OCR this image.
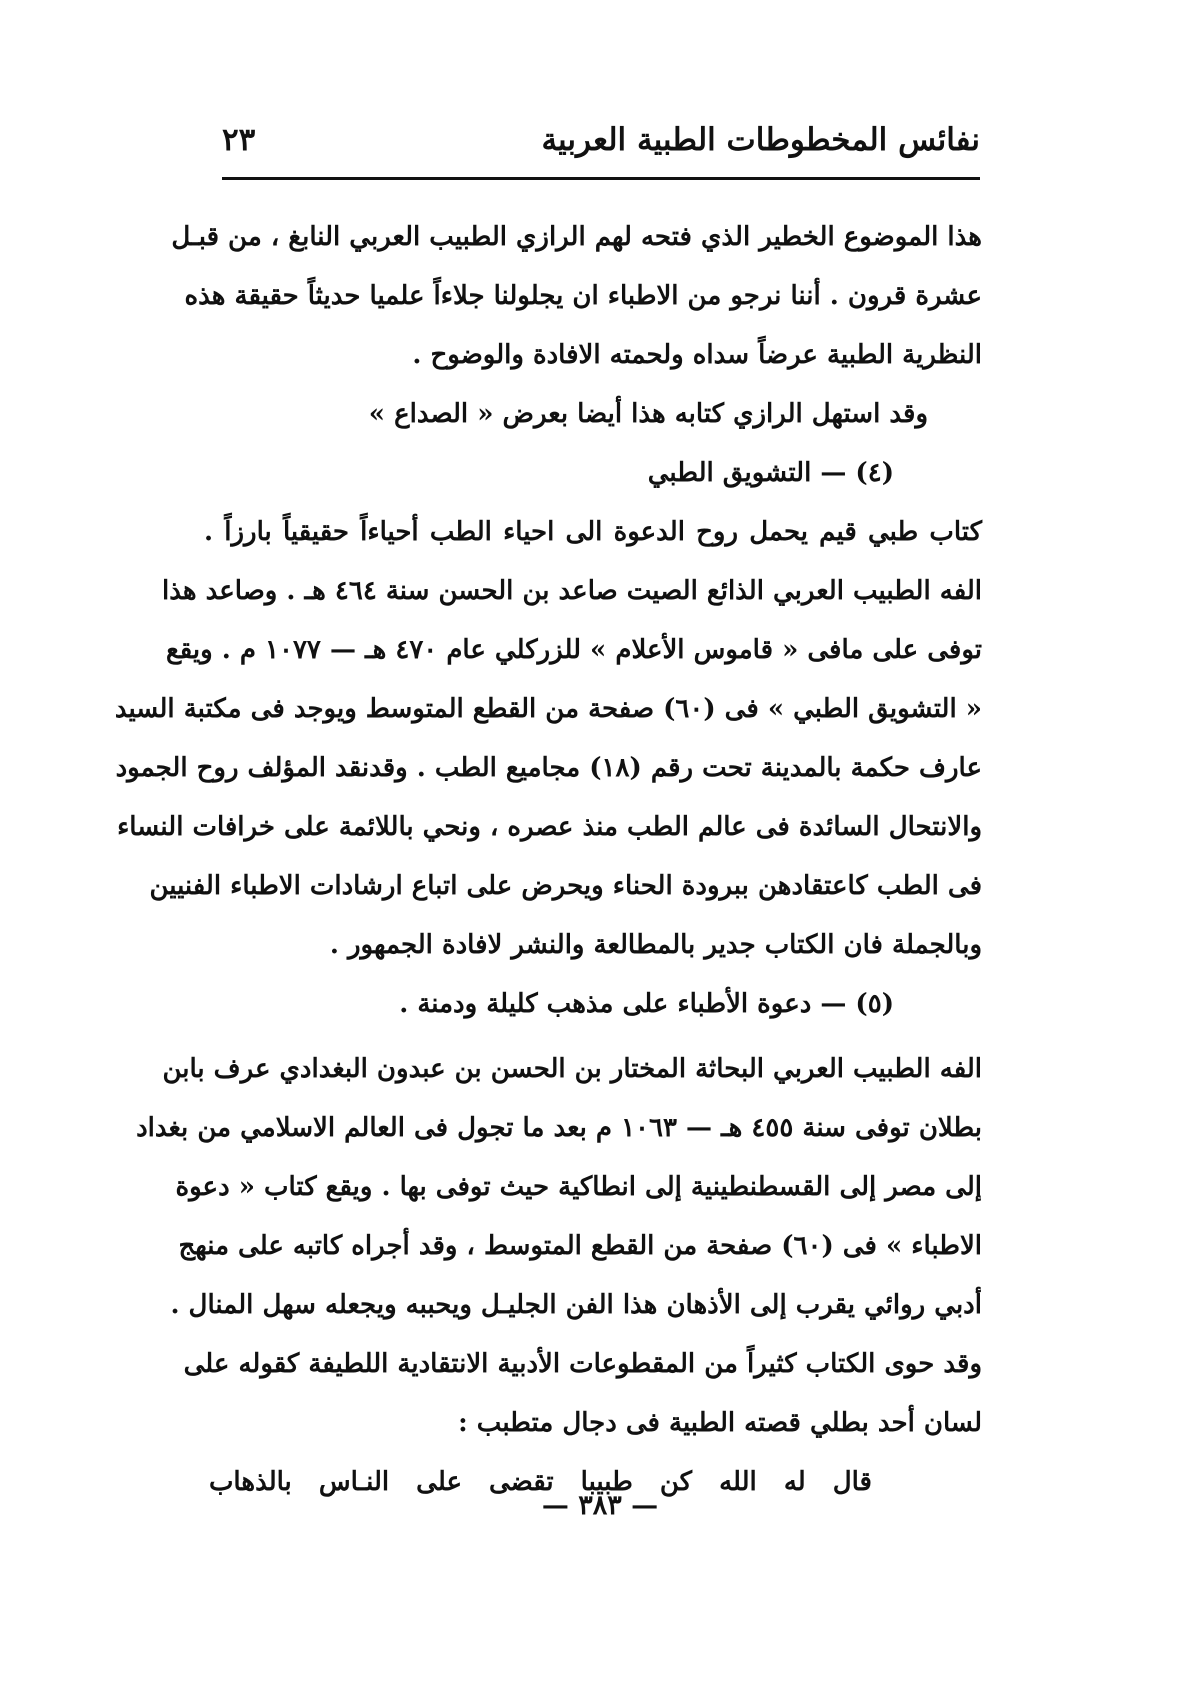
نفائس المخطوطات الطبية العربية
٢٣
هذا الموضوع الخطير الذي فتحه لهم الرازي الطبيب العربي النابغ ، من قبـل
عشرة قرون . أننا نرجو من الاطباء ان يجلولنا جلاءاً علميا حديثاً حقيقة هذه
النظرية الطبية عرضاً سداه ولحمته الافادة والوضوح .
وقد استهل الرازي كتابه هذا أيضا بعرض « الصداع »
(٤) — التشويق الطبي
كتاب طبي قيم يحمل روح الدعوة الى احياء الطب أحياءاً حقيقياً بارزاً .
الفه الطبيب العربي الذائع الصيت صاعد بن الحسن سنة ٤٦٤ هـ . وصاعد هذا
توفى على مافى « قاموس الأعلام » للزركلي عام ٤٧٠ هـ — ١٠٧٧ م . ويقع
« التشويق الطبي » فى (٦٠) صفحة من القطع المتوسط ويوجد فى مكتبة السيد
عارف حكمة بالمدينة تحت رقم (١٨) مجاميع الطب . وقدنقد المؤلف روح الجمود
والانتحال السائدة فى عالم الطب منذ عصره ، ونحي باللائمة على خرافات النساء
فى الطب كاعتقادهن ببرودة الحناء ويحرض على اتباع ارشادات الاطباء الفنيين
وبالجملة فان الكتاب جدير بالمطالعة والنشر لافادة الجمهور .
(٥) — دعوة الأطباء على مذهب كليلة ودمنة .
الفه الطبيب العربي البحاثة المختار بن الحسن بن عبدون البغدادي عرف بابن
بطلان توفى سنة ٤٥٥ هـ — ١٠٦٣ م بعد ما تجول فى العالم الاسلامي من بغداد
إلى مصر إلى القسطنطينية إلى انطاكية حيث توفى بها . ويقع كتاب « دعوة
الاطباء » فى (٦٠) صفحة من القطع المتوسط ، وقد أجراه كاتبه على منهج
أدبي روائي يقرب إلى الأذهان هذا الفن الجليـل ويحببه ويجعله سهل المنال .
وقد حوى الكتاب كثيراً من المقطوعات الأدبية الانتقادية اللطيفة كقوله على
لسان أحد بطلي قصته الطبية فى دجال متطبب :
قال له الله كن طبيبا تقضى على النـاس بالذهاب
— ٣٨٣ —
